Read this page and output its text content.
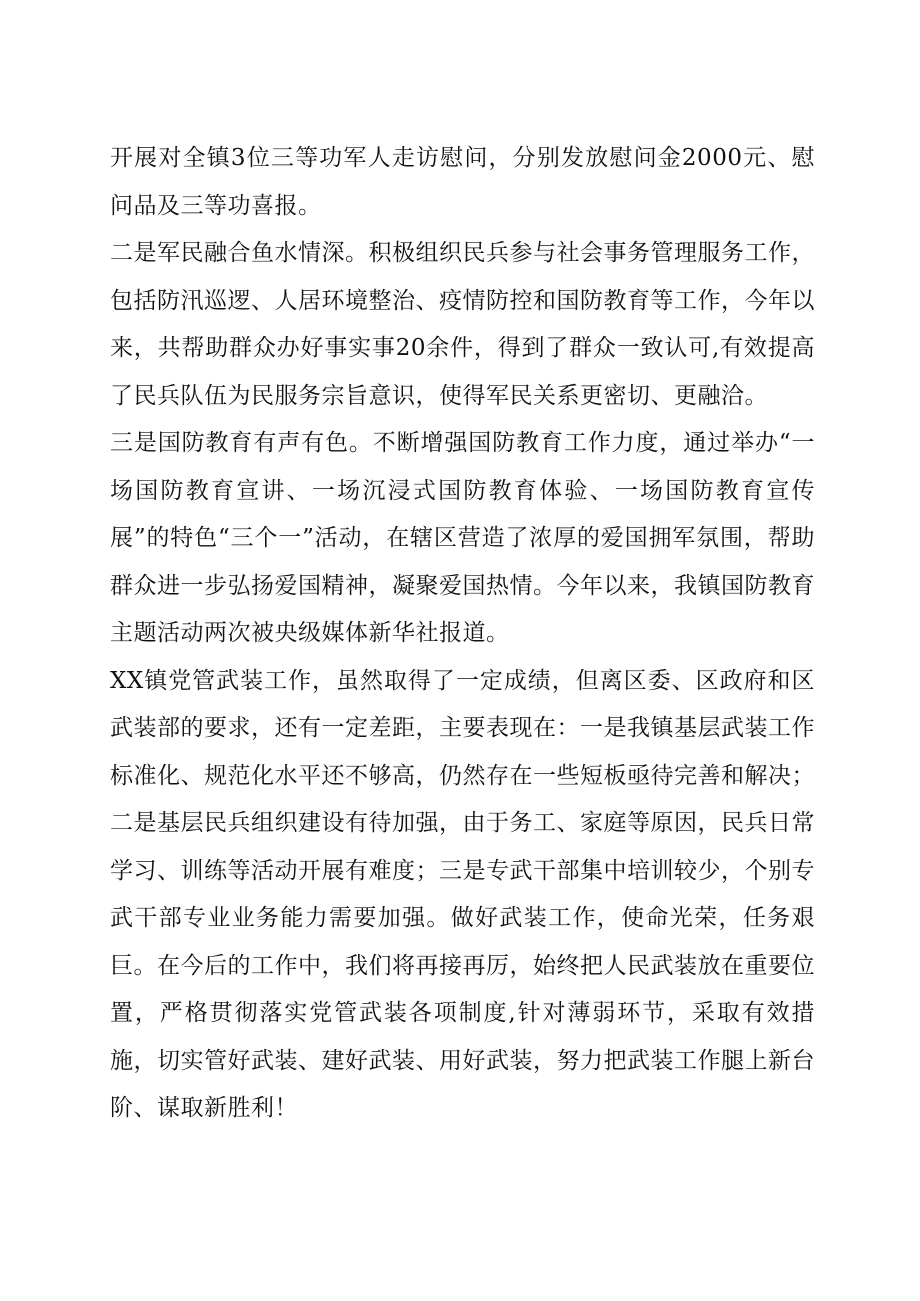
开展对全镇3位三等功军人走访慰问，分别发放慰问金2000元、慰问品及三等功喜报。

二是军民融合鱼水情深。积极组织民兵参与社会事务管理服务工作，包括防汛巡逻、人居环境整治、疫情防控和国防教育等工作，今年以来，共帮助群众办好事实事20余件，得到了群众一致认可,有效提高了民兵队伍为民服务宗旨意识，使得军民关系更密切、更融洽。

三是国防教育有声有色。不断增强国防教育工作力度，通过举办“一场国防教育宣讲、一场沉浸式国防教育体验、一场国防教育宣传展”的特色“三个一”活动，在辖区营造了浓厚的爱国拥军氛围，帮助群众进一步弘扬爱国精神，凝聚爱国热情。今年以来，我镇国防教育主题活动两次被央级媒体新华社报道。

XX镇党管武装工作，虽然取得了一定成绩，但离区委、区政府和区武装部的要求，还有一定差距，主要表现在：一是我镇基层武装工作标准化、规范化水平还不够高，仍然存在一些短板亟待完善和解决；二是基层民兵组织建设有待加强，由于务工、家庭等原因，民兵日常学习、训练等活动开展有难度；三是专武干部集中培训较少，个别专武干部专业业务能力需要加强。做好武装工作，使命光荣，任务艰巨。在今后的工作中，我们将再接再厉，始终把人民武装放在重要位置，严格贯彻落实党管武装各项制度,针对薄弱环节，采取有效措施，切实管好武装、建好武装、用好武装，努力把武装工作腿上新台阶、谋取新胜利！
